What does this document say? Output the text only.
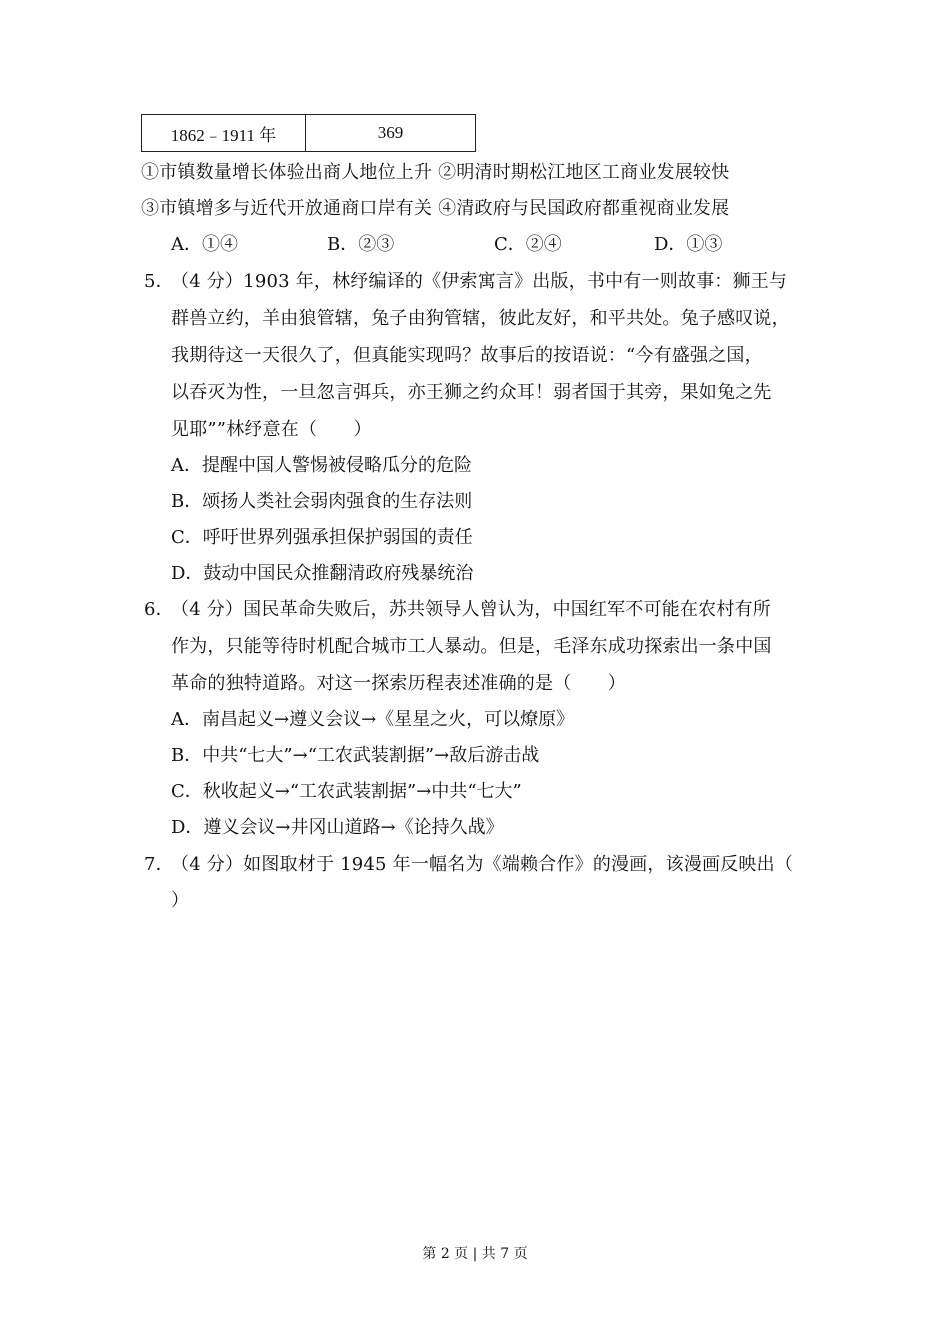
1862﹣1911 年	369
①市镇数量增长体验出商人地位上升 ②明清时期松江地区工商业发展较快
③市镇增多与近代开放通商口岸有关 ④清政府与民国政府都重视商业发展
A．①④	B．②③	C．②④	D．①③
5．
（4 分）1903 年，林纾编译的《伊索寓言》出版，书中有一则故事：狮王与
群兽立约，羊由狼管辖，兔子由狗管辖，彼此友好，和平共处。兔子感叹说，
我期待这一天很久了，但真能实现吗？故事后的按语说：“今有盛强之国，
以吞灭为性，一旦忽言弭兵，亦王狮之约众耳！弱者国于其旁，果如兔之先
见耶””林纾意在（　　）
A．提醒中国人警惕被侵略瓜分的危险
B．颂扬人类社会弱肉强食的生存法则
C．呼吁世界列强承担保护弱国的责任
D．鼓动中国民众推翻清政府残暴统治
6．
（4 分）国民革命失败后，苏共领导人曾认为，中国红军不可能在农村有所
作为，只能等待时机配合城市工人暴动。但是，毛泽东成功探索出一条中国
革命的独特道路。对这一探索历程表述准确的是（　　）
A．南昌起义→遵义会议→《星星之火，可以燎原》
B．中共“七大”→“工农武装割据”→敌后游击战
C．秋收起义→“工农武装割据”→中共“七大”
D．遵义会议→井冈山道路→《论持久战》
7．
（4 分）如图取材于 1945 年一幅名为《端赖合作》的漫画，该漫画反映出（
）
第 2 页 | 共 7 页
